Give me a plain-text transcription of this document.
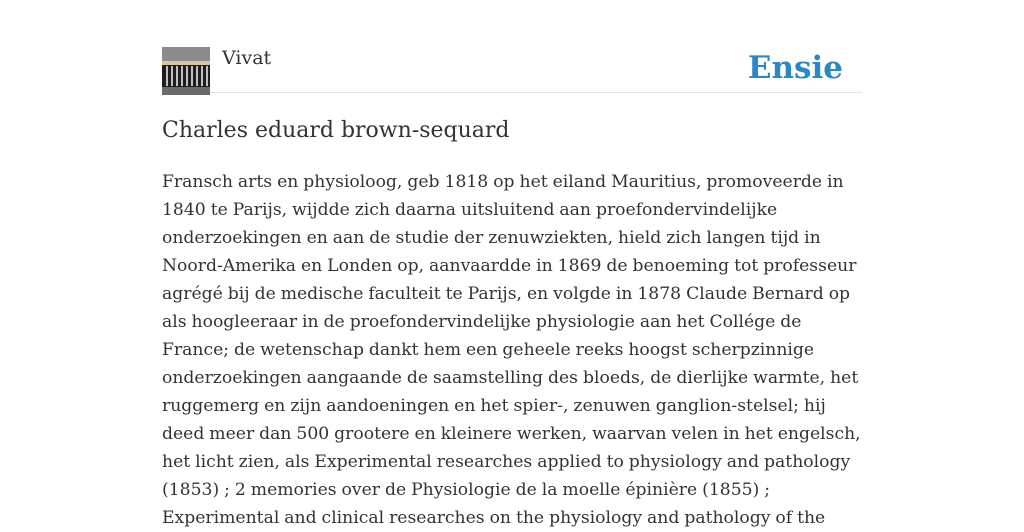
Vivat	Ensie
Charles eduard brown-sequard

Fransch arts en physioloog, geb 1818 op het eiland Mauritius, promoveerde in 1840 te Parijs, wijdde zich daarna uitsluitend aan proefondervindelijke onderzoekingen en aan de studie der zenuwziekten, hield zich langen tijd in Noord-Amerika en Londen op, aanvaardde in 1869 de benoeming tot professeur agrégé bij de medische faculteit te Parijs, en volgde in 1878 Claude Bernard op als hoogleeraar in de proefondervindelijke physiologie aan het Collége de France; de wetenschap dankt hem een geheele reeks hoogst scherpzinnige onderzoekingen aangaande de saamstelling des bloeds, de dierlijke warmte, het ruggemerg en zijn aandoeningen en het spier-, zenuwen ganglion-stelsel; hij deed meer dan 500 grootere en kleinere werken, waarvan velen in het engelsch, het licht zien, als Experimental researches applied to physiology and pathology (1853) ; 2 memories over de Physiologie de la moelle épinière (1855) ; Experimental and clinical researches on the physiology and pathology of the
